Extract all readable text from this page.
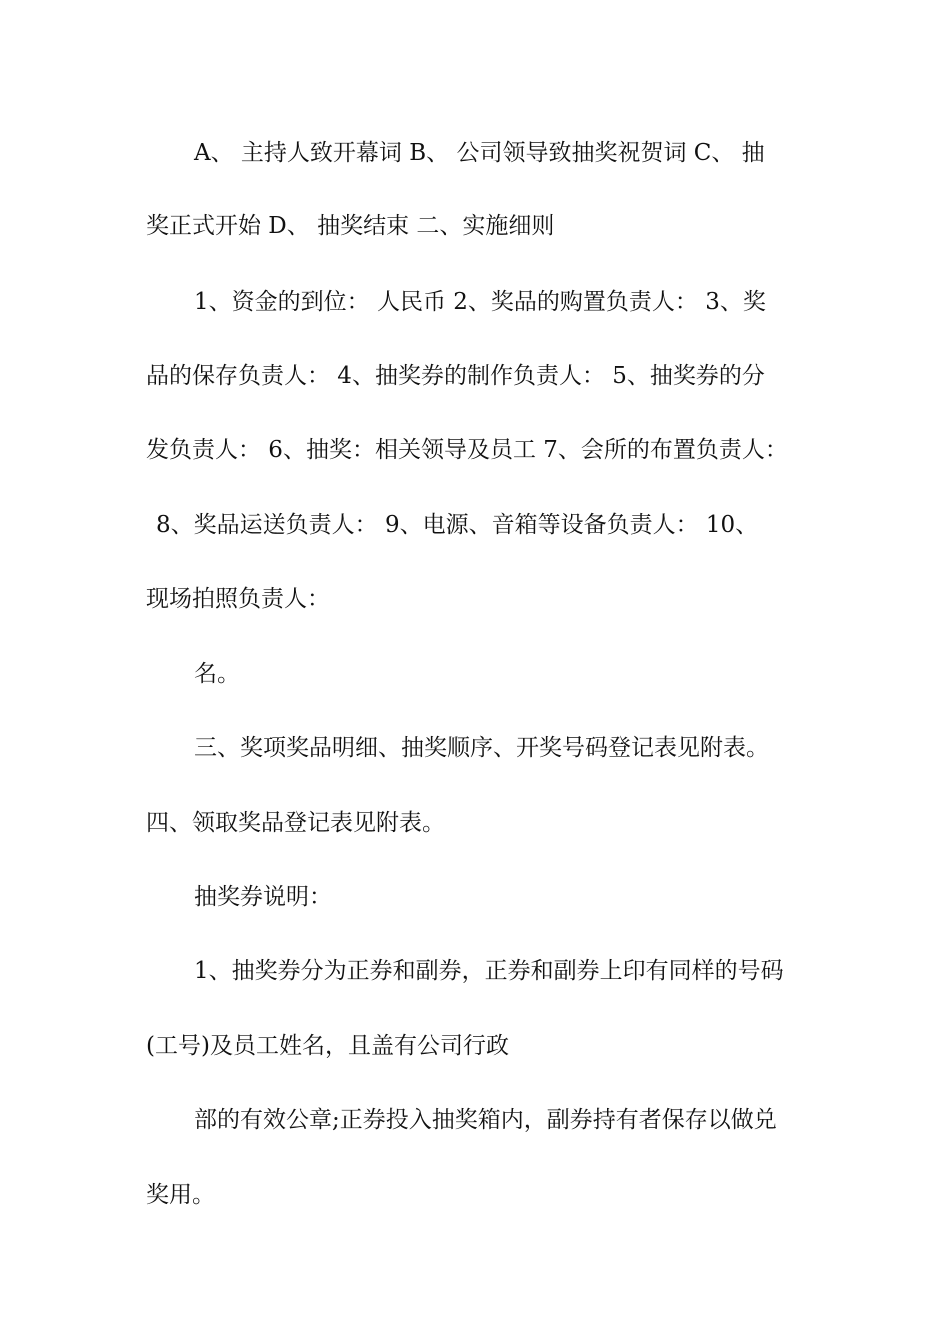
A、 主持人致开幕词 B、 公司领导致抽奖祝贺词 C、 抽
奖正式开始 D、 抽奖结束 二、实施细则
1、资金的到位： 人民币 2、奖品的购置负责人： 3、奖
品的保存负责人： 4、抽奖券的制作负责人： 5、抽奖券的分
发负责人： 6、抽奖：相关领导及员工 7、会所的布置负责人：
8、奖品运送负责人： 9、电源、音箱等设备负责人： 10、
现场拍照负责人：
名。
三、奖项奖品明细、抽奖顺序、开奖号码登记表见附表。
四、领取奖品登记表见附表。
抽奖券说明：
1、抽奖券分为正券和副券，正券和副券上印有同样的号码
(工号)及员工姓名，且盖有公司行政
部的有效公章;正券投入抽奖箱内，副券持有者保存以做兑
奖用。
